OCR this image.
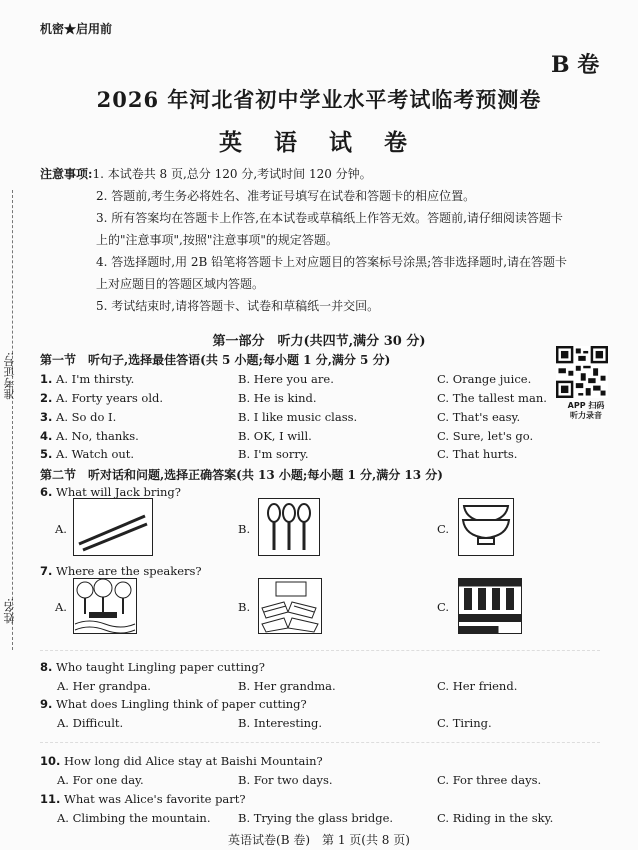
准考证号:
姓名:
机密★启用前
B 卷
2026 年河北省初中学业水平考试临考预测卷
英 语 试 卷
注意事项: 1. 本试卷共 8 页,总分 120 分,考试时间 120 分钟。
2. 答题前,考生务必将姓名、准考证号填写在试卷和答题卡的相应位置。
3. 所有答案均在答题卡上作答,在本试卷或草稿纸上作答无效。答题前,请仔细阅读答题卡
上的"注意事项",按照"注意事项"的规定答题。
4. 答选择题时,用 2B 铅笔将答题卡上对应题目的答案标号涂黑;答非选择题时,请在答题卡
上对应题目的答题区域内答题。
5. 考试结束时,请将答题卡、试卷和草稿纸一并交回。
第一部分　听力(共四节,满分 30 分)
第一节　听句子,选择最佳答语(共 5 小题;每小题 1 分,满分 5 分)
APP 扫码
听力录音
1. A. I'm thirsty.	B. Here you are.	C. Orange juice.
2. A. Forty years old.	B. He is kind.	C. The tallest man.
3. A. So do I.	B. I like music class.	C. That's easy.
4. A. No, thanks.	B. OK, I will.	C. Sure, let's go.
5. A. Watch out.	B. I'm sorry.	C. That hurts.
第二节　听对话和问题,选择正确答案(共 13 小题;每小题 1 分,满分 13 分)
6. What will Jack bring?
A.	B.	C.
7. Where are the speakers?
A.	B.	C.
8. Who taught Lingling paper cutting?
A. Her grandpa.	B. Her grandma.	C. Her friend.
9. What does Lingling think of paper cutting?
A. Difficult.	B. Interesting.	C. Tiring.
10. How long did Alice stay at Baishi Mountain?
A. For one day.	B. For two days.	C. For three days.
11. What was Alice's favorite part?
A. Climbing the mountain. B. Trying the glass bridge.	C. Riding in the sky.
英语试卷(B 卷)　第 1 页(共 8 页)
